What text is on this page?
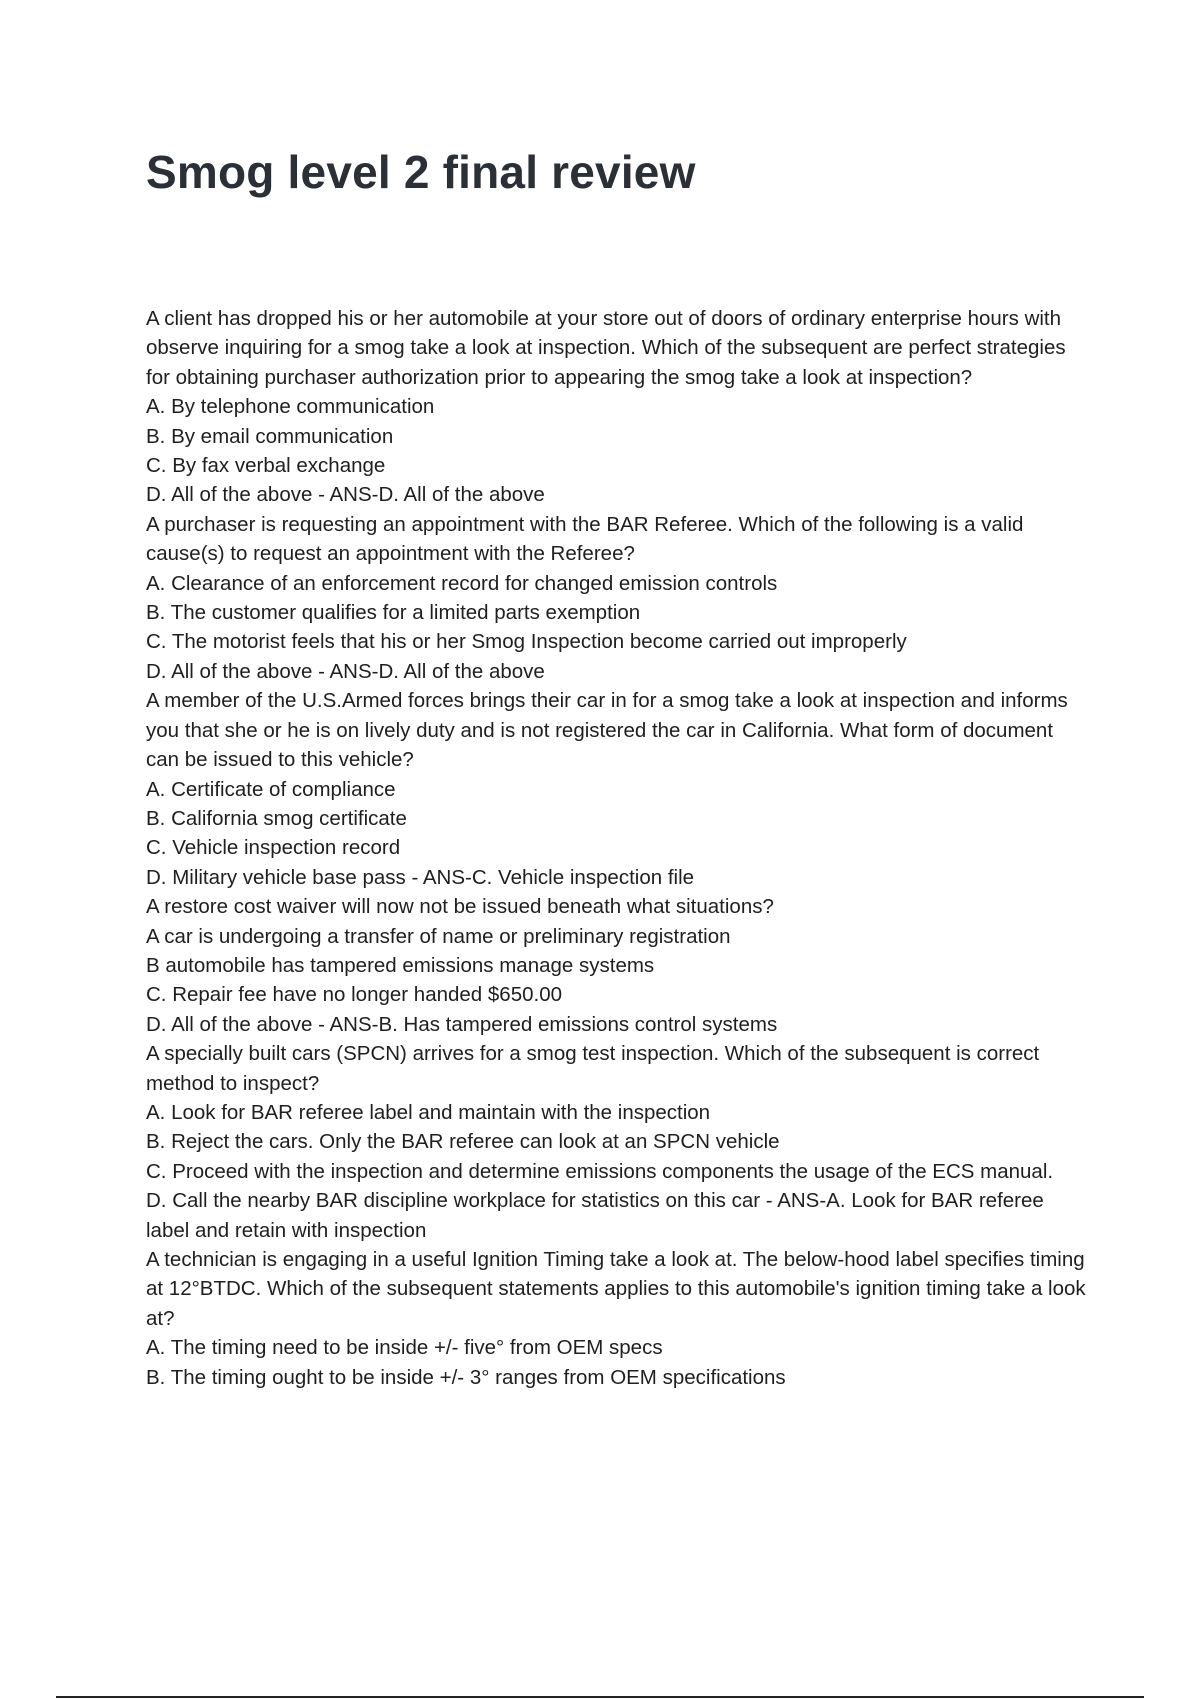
Smog level 2 final review

A client has dropped his or her automobile at your store out of doors of ordinary enterprise hours with observe inquiring for a smog take a look at inspection. Which of the subsequent are perfect strategies for obtaining purchaser authorization prior to appearing the smog take a look at inspection?

A. By telephone communication

B. By email communication

C. By fax verbal exchange

D. All of the above - ANS-D. All of the above

A purchaser is requesting an appointment with the BAR Referee. Which of the following is a valid cause(s) to request an appointment with the Referee?

A. Clearance of an enforcement record for changed emission controls

B. The customer qualifies for a limited parts exemption

C. The motorist feels that his or her Smog Inspection become carried out improperly

D. All of the above - ANS-D. All of the above

A member of the U.S.Armed forces brings their car in for a smog take a look at inspection and informs you that she or he is on lively duty and is not registered the car in California. What form of document can be issued to this vehicle?

A. Certificate of compliance

B. California smog certificate

C. Vehicle inspection record

D. Military vehicle base pass - ANS-C. Vehicle inspection file

A restore cost waiver will now not be issued beneath what situations?

A car is undergoing a transfer of name or preliminary registration

B automobile has tampered emissions manage systems

C. Repair fee have no longer handed $650.00

D. All of the above - ANS-B. Has tampered emissions control systems

A specially built cars (SPCN) arrives for a smog test inspection. Which of the subsequent is correct method to inspect?

A. Look for BAR referee label and maintain with the inspection

B. Reject the cars. Only the BAR referee can look at an SPCN vehicle

C. Proceed with the inspection and determine emissions components the usage of the ECS manual.

D. Call the nearby BAR discipline workplace for statistics on this car - ANS-A. Look for BAR referee label and retain with inspection

A technician is engaging in a useful Ignition Timing take a look at. The below-hood label specifies timing at 12°BTDC. Which of the subsequent statements applies to this automobile's ignition timing take a look at?

A. The timing need to be inside +/- five° from OEM specs

B. The timing ought to be inside +/- 3° ranges from OEM specifications
